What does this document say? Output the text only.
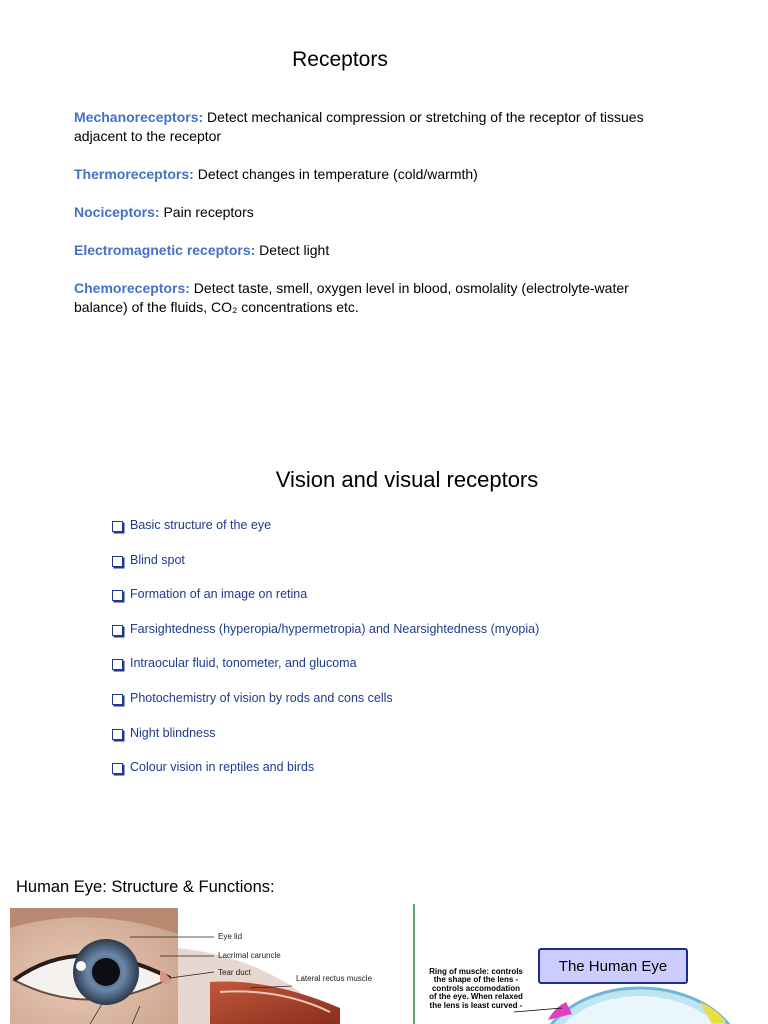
Receptors

Mechanoreceptors: Detect mechanical compression or stretching of the receptor of tissues adjacent to the receptor

Thermoreceptors: Detect changes in temperature (cold/warmth)

Nociceptors: Pain receptors

Electromagnetic receptors: Detect light

Chemoreceptors: Detect taste, smell, oxygen level in blood, osmolality (electrolyte-water balance) of the fluids, CO₂ concentrations etc.

Vision and visual receptors
Basic structure of the eye
Blind spot
Formation of an image on retina
Farsightedness (hyperopia/hypermetropia) and Nearsightedness (myopia)
Intraocular fluid, tonometer, and glucoma
Photochemistry of vision by rods and cons cells
Night blindness
Colour vision in reptiles and birds
Human Eye: Structure & Functions:
Eye lid
Lacrimal caruncle
Tear duct
Lateral rectus muscle
The Human Eye
Ring of muscle: controls the shape of the lens - controls accomodation of the eye. When relaxed the lens is least curved -
